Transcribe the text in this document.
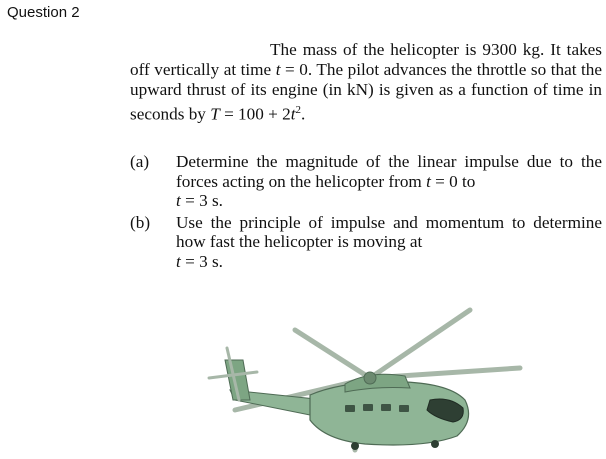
Question 2

The mass of the helicopter is 9300 kg. It takes off vertically at time t = 0. The pilot advances the throttle so that the upward thrust of its engine (in kN) is given as a function of time in seconds by $T = 100 + 2t^2$.

(a)	Determine the magnitude of the linear impulse due to the forces acting on the helicopter from t = 0 to
t = 3 s.
(b)	Use the principle of impulse and momentum to determine how fast the helicopter is moving at
t = 3 s.
